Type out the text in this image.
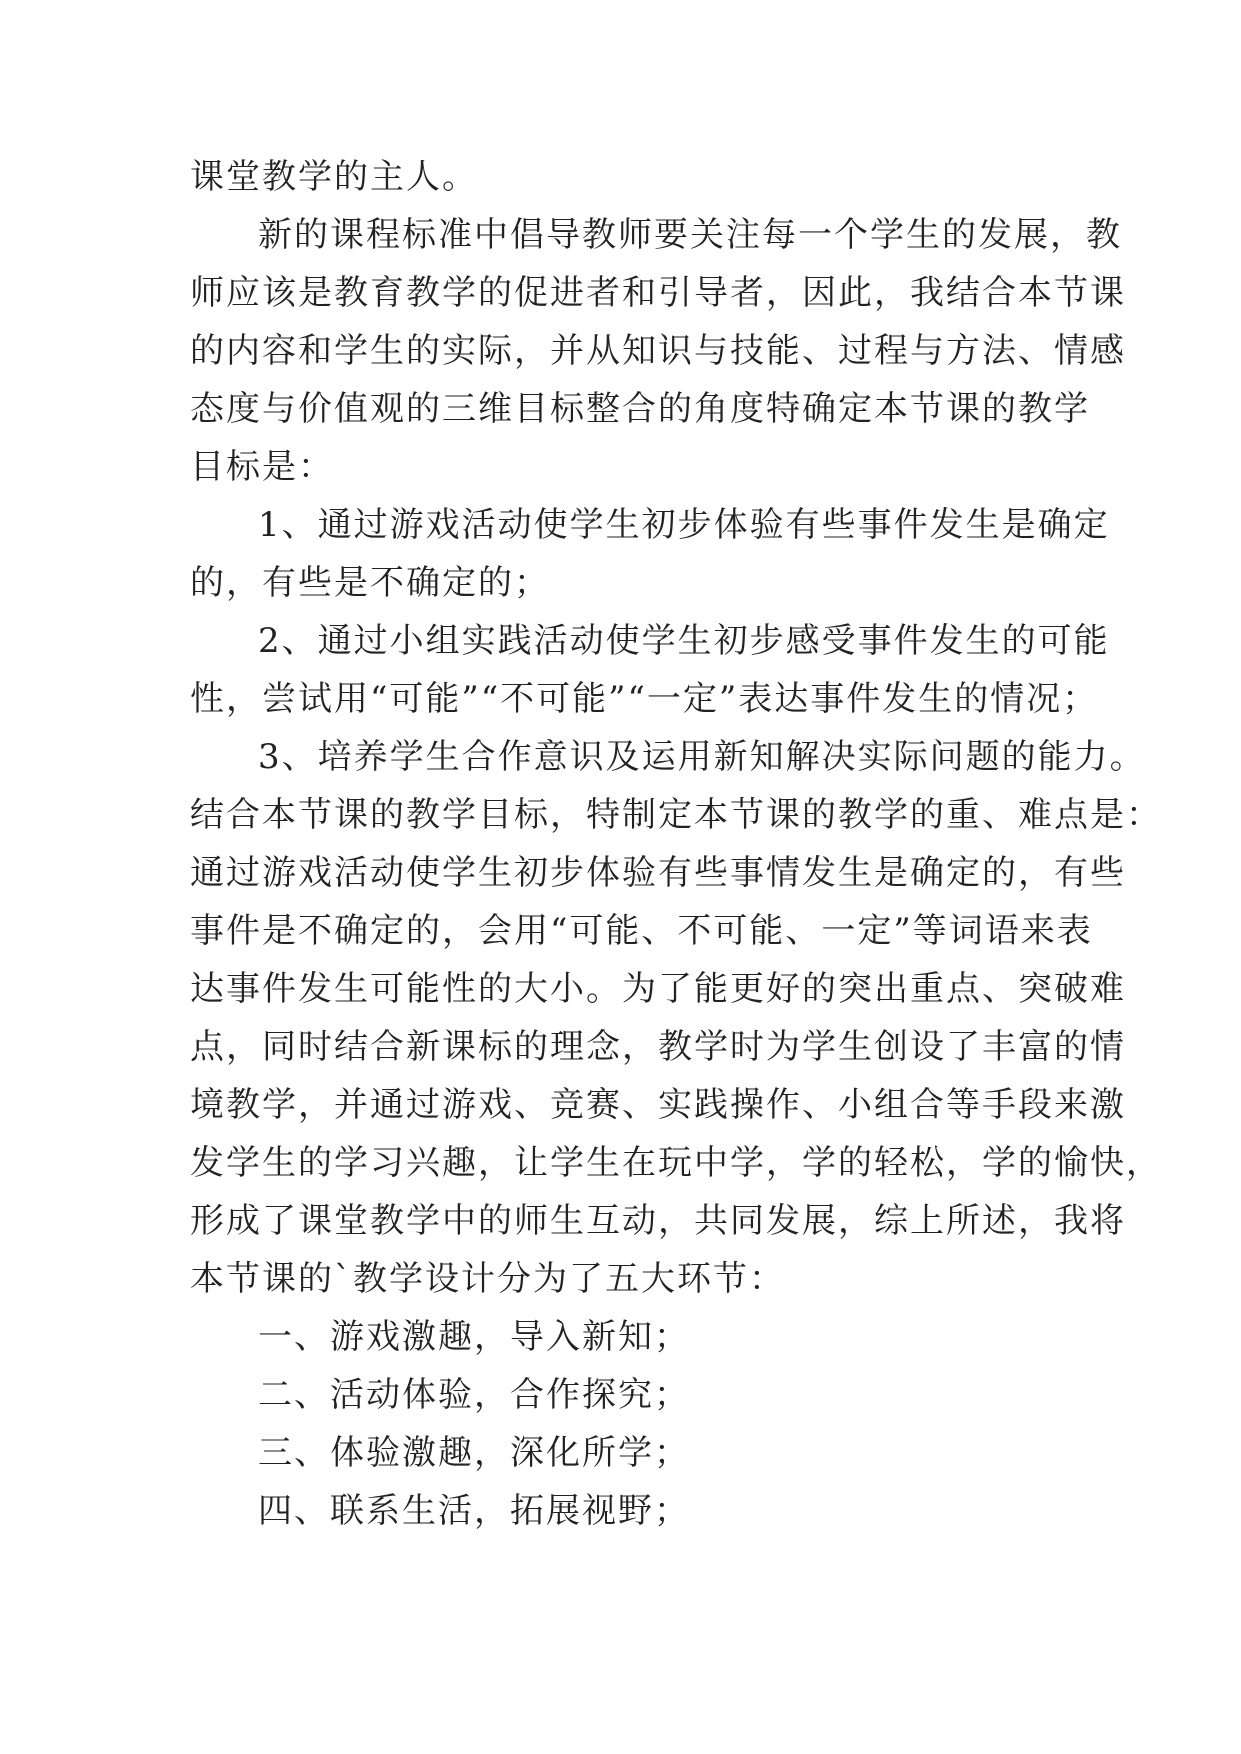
课堂教学的主人。

新的课程标准中倡导教师要关注每一个学生的发展，教

师应该是教育教学的促进者和引导者，因此，我结合本节课

的内容和学生的实际，并从知识与技能、过程与方法、情感

态度与价值观的三维目标整合的角度特确定本节课的教学

目标是：

1、通过游戏活动使学生初步体验有些事件发生是确定

的，有些是不确定的；

2、通过小组实践活动使学生初步感受事件发生的可能

性，尝试用“可能”“不可能”“一定”表达事件发生的情况；

3、培养学生合作意识及运用新知解决实际问题的能力。

结合本节课的教学目标，特制定本节课的教学的重、难点是：

通过游戏活动使学生初步体验有些事情发生是确定的，有些

事件是不确定的，会用“可能、不可能、一定”等词语来表

达事件发生可能性的大小。为了能更好的突出重点、突破难

点，同时结合新课标的理念，教学时为学生创设了丰富的情

境教学，并通过游戏、竞赛、实践操作、小组合等手段来激

发学生的学习兴趣，让学生在玩中学，学的轻松，学的愉快，

形成了课堂教学中的师生互动，共同发展，综上所述，我将

本节课的`教学设计分为了五大环节：

一、游戏激趣，导入新知；

二、活动体验，合作探究；

三、体验激趣，深化所学；

四、联系生活，拓展视野；
